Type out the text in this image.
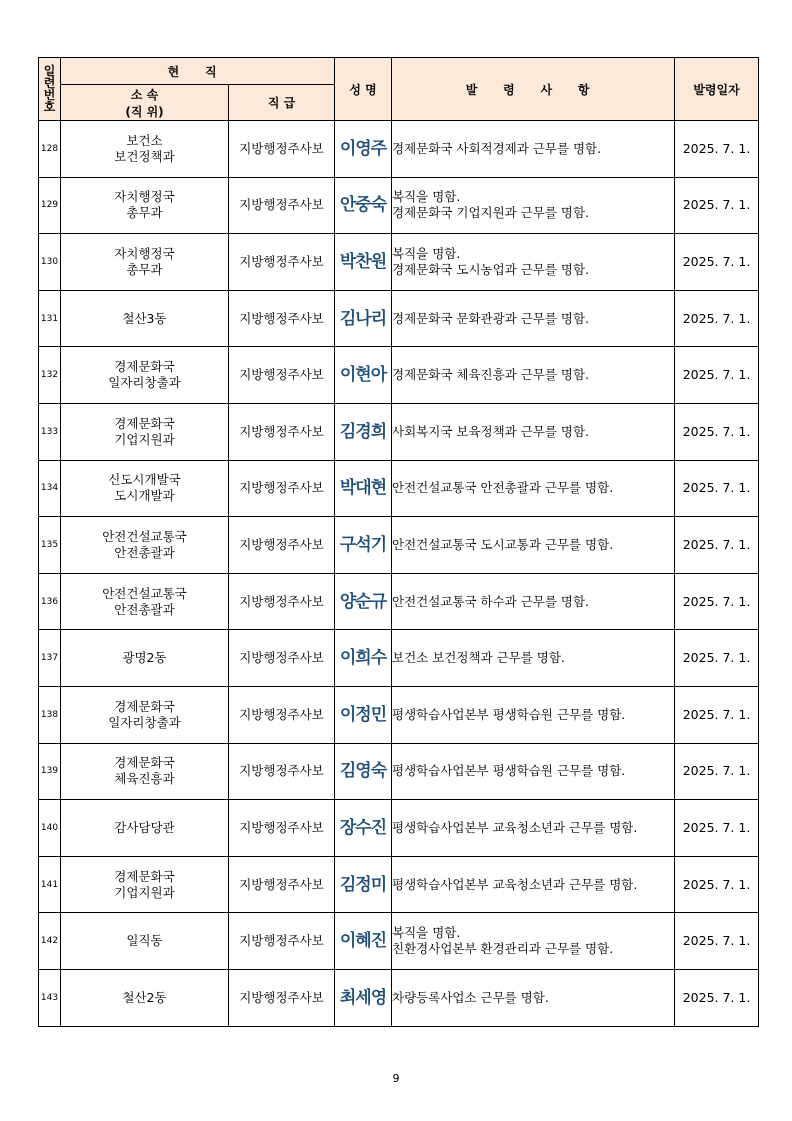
일
련
번
호	현 직		성 명	발 령 사 항	발령일자

	소 속
(직 위)	직 급			
128	보건소
보건정책과	지방행정주사보	이영주	경제문화국 사회적경제과 근무를 명함.	2025. 7. 1.
129	자치행정국
총무과	지방행정주사보	안중숙	복직을 명함.
경제문화국 기업지원과 근무를 명함.	2025. 7. 1.
130	자치행정국
총무과	지방행정주사보	박찬원	복직을 명함.
경제문화국 도시농업과 근무를 명함.	2025. 7. 1.
131	철산3동	지방행정주사보	김나리	경제문화국 문화관광과 근무를 명함.	2025. 7. 1.
132	경제문화국
일자리창출과	지방행정주사보	이현아	경제문화국 체육진흥과 근무를 명함.	2025. 7. 1.
133	경제문화국
기업지원과	지방행정주사보	김경희	사회복지국 보육정책과 근무를 명함.	2025. 7. 1.
134	신도시개발국
도시개발과	지방행정주사보	박대현	안전건설교통국 안전총괄과 근무를 명함.	2025. 7. 1.
135	안전건설교통국
안전총괄과	지방행정주사보	구석기	안전건설교통국 도시교통과 근무를 명함.	2025. 7. 1.
136	안전건설교통국
안전총괄과	지방행정주사보	양순규	안전건설교통국 하수과 근무를 명함.	2025. 7. 1.
137	광명2동	지방행정주사보	이희수	보건소 보건정책과 근무를 명함.	2025. 7. 1.
138	경제문화국
일자리창출과	지방행정주사보	이정민	평생학습사업본부 평생학습원 근무를 명함.	2025. 7. 1.
139	경제문화국
체육진흥과	지방행정주사보	김영숙	평생학습사업본부 평생학습원 근무를 명함.	2025. 7. 1.
140	감사담당관	지방행정주사보	장수진	평생학습사업본부 교육청소년과 근무를 명함.	2025. 7. 1.
141	경제문화국
기업지원과	지방행정주사보	김정미	평생학습사업본부 교육청소년과 근무를 명함.	2025. 7. 1.
142	일직동	지방행정주사보	이혜진	복직을 명함.
친환경사업본부 환경관리과 근무를 명함.	2025. 7. 1.
143	철산2동	지방행정주사보	최세영	차량등록사업소 근무를 명함.	2025. 7. 1.
9
